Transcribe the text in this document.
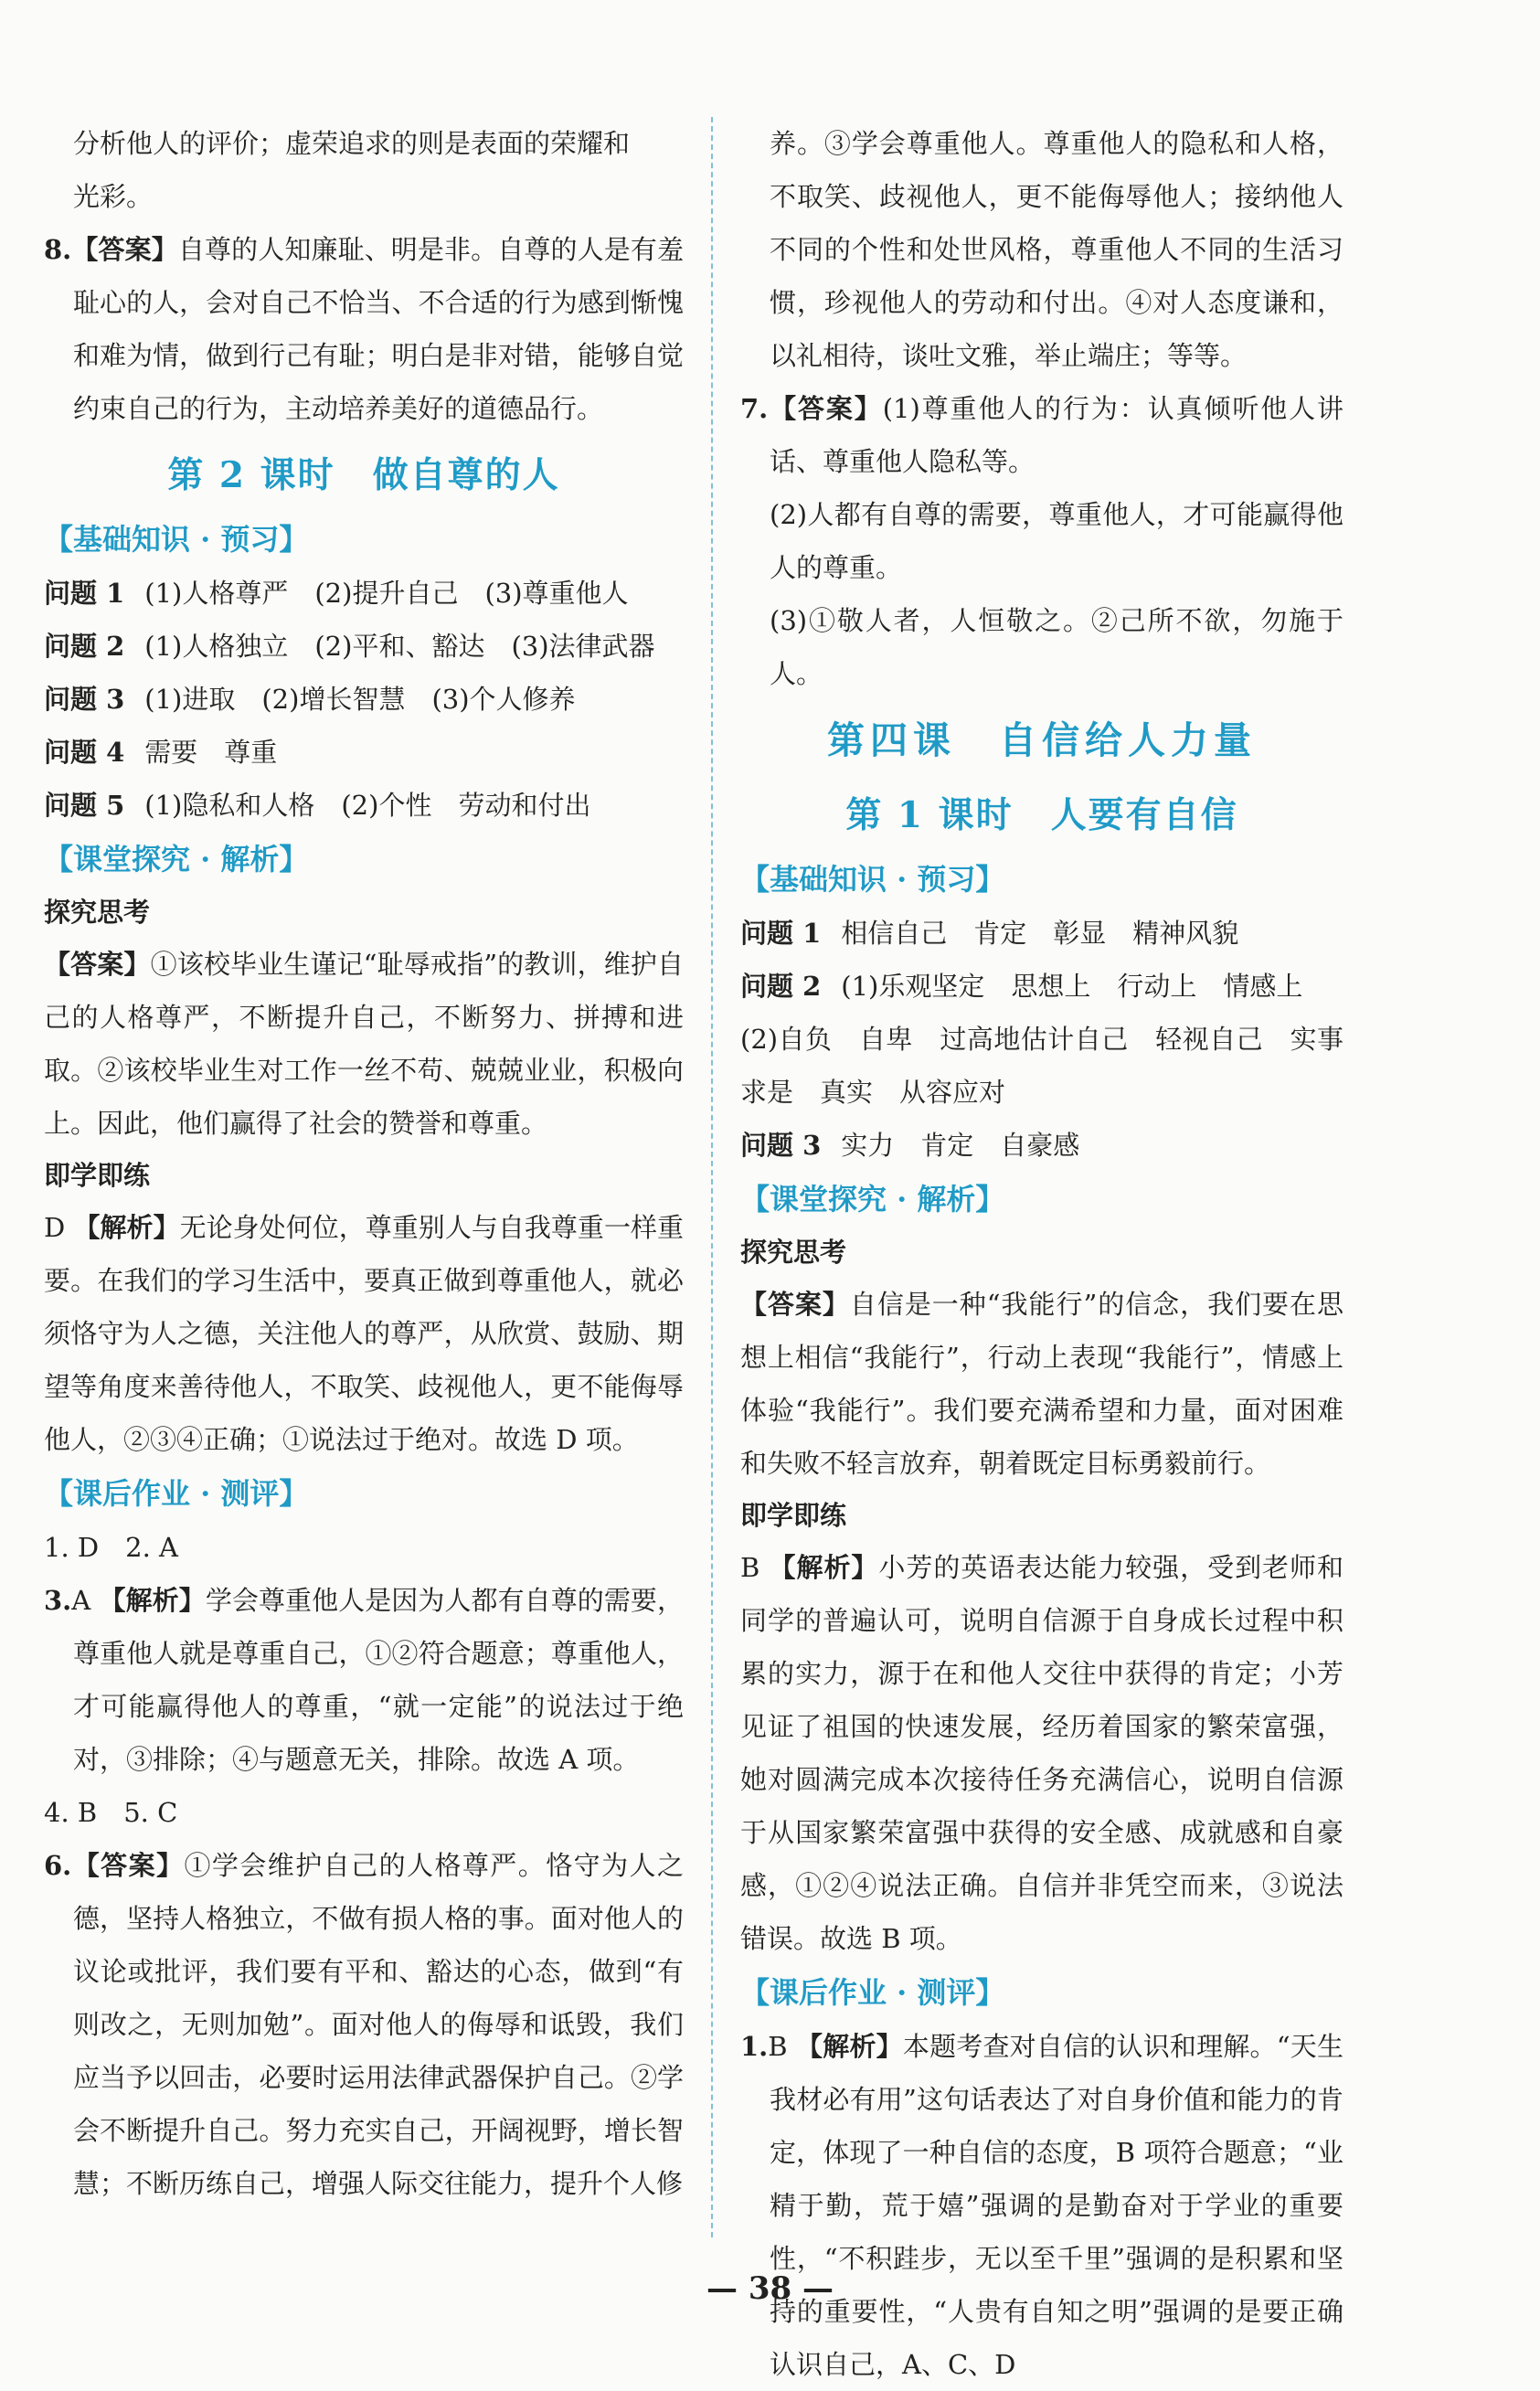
分析他人的评价；虚荣追求的则是表面的荣耀和

光彩。

8.【答案】自尊的人知廉耻、明是非。自尊的人是有羞耻心的人，会对自己不恰当、不合适的行为感到惭愧和难为情，做到行己有耻；明白是非对错，能够自觉约束自己的行为，主动培养美好的道德品行。

第 2 课时　做自尊的人

【基础知识 · 预习】

问题 1 (1)人格尊严　(2)提升自己　(3)尊重他人

问题 2 (1)人格独立　(2)平和、豁达　(3)法律武器

问题 3 (1)进取　(2)增长智慧　(3)个人修养

问题 4 需要　尊重

问题 5 (1)隐私和人格　(2)个性　劳动和付出

【课堂探究 · 解析】

探究思考

【答案】①该校毕业生谨记“耻辱戒指”的教训，维护自己的人格尊严，不断提升自己，不断努力、拼搏和进取。②该校毕业生对工作一丝不苟、兢兢业业，积极向上。因此，他们赢得了社会的赞誉和尊重。

即学即练

D 【解析】无论身处何位，尊重别人与自我尊重一样重要。在我们的学习生活中，要真正做到尊重他人，就必须恪守为人之德，关注他人的尊严，从欣赏、鼓励、期望等角度来善待他人，不取笑、歧视他人，更不能侮辱他人，②③④正确；①说法过于绝对。故选 D 项。

【课后作业 · 测评】

1. D　2. A

3.A 【解析】学会尊重他人是因为人都有自尊的需要，尊重他人就是尊重自己，①②符合题意；尊重他人，才可能赢得他人的尊重，“就一定能”的说法过于绝对，③排除；④与题意无关，排除。故选 A 项。

4. B　5. C

6.【答案】①学会维护自己的人格尊严。恪守为人之德，坚持人格独立，不做有损人格的事。面对他人的议论或批评，我们要有平和、豁达的心态，做到“有则改之，无则加勉”。面对他人的侮辱和诋毁，我们应当予以回击，必要时运用法律武器保护自己。②学会不断提升自己。努力充实自己，开阔视野，增长智慧；不断历练自己，增强人际交往能力，提升个人修

养。③学会尊重他人。尊重他人的隐私和人格，不取笑、歧视他人，更不能侮辱他人；接纳他人不同的个性和处世风格，尊重他人不同的生活习惯，珍视他人的劳动和付出。④对人态度谦和，以礼相待，谈吐文雅，举止端庄；等等。

7.【答案】(1)尊重他人的行为：认真倾听他人讲话、尊重他人隐私等。

(2)人都有自尊的需要，尊重他人，才可能赢得他人的尊重。

(3)①敬人者，人恒敬之。②己所不欲，勿施于人。

第四课　自信给人力量
第 1 课时　人要有自信

【基础知识 · 预习】

问题 1 相信自己　肯定　彰显　精神风貌

问题 2 (1)乐观坚定　思想上　行动上　情感上

(2)自负　自卑　过高地估计自己　轻视自己　实事求是　真实　从容应对

问题 3 实力　肯定　自豪感

【课堂探究 · 解析】

探究思考

【答案】自信是一种“我能行”的信念，我们要在思想上相信“我能行”，行动上表现“我能行”，情感上体验“我能行”。我们要充满希望和力量，面对困难和失败不轻言放弃，朝着既定目标勇毅前行。

即学即练

B 【解析】小芳的英语表达能力较强，受到老师和同学的普遍认可，说明自信源于自身成长过程中积累的实力，源于在和他人交往中获得的肯定；小芳见证了祖国的快速发展，经历着国家的繁荣富强，她对圆满完成本次接待任务充满信心，说明自信源于从国家繁荣富强中获得的安全感、成就感和自豪感，①②④说法正确。自信并非凭空而来，③说法错误。故选 B 项。

【课后作业 · 测评】

1.B 【解析】本题考查对自信的认识和理解。“天生我材必有用”这句话表达了对自身价值和能力的肯定，体现了一种自信的态度，B 项符合题意；“业精于勤，荒于嬉”强调的是勤奋对于学业的重要性，“不积跬步，无以至千里”强调的是积累和坚持的重要性，“人贵有自知之明”强调的是要正确认识自己，A、C、D

— 38 —
